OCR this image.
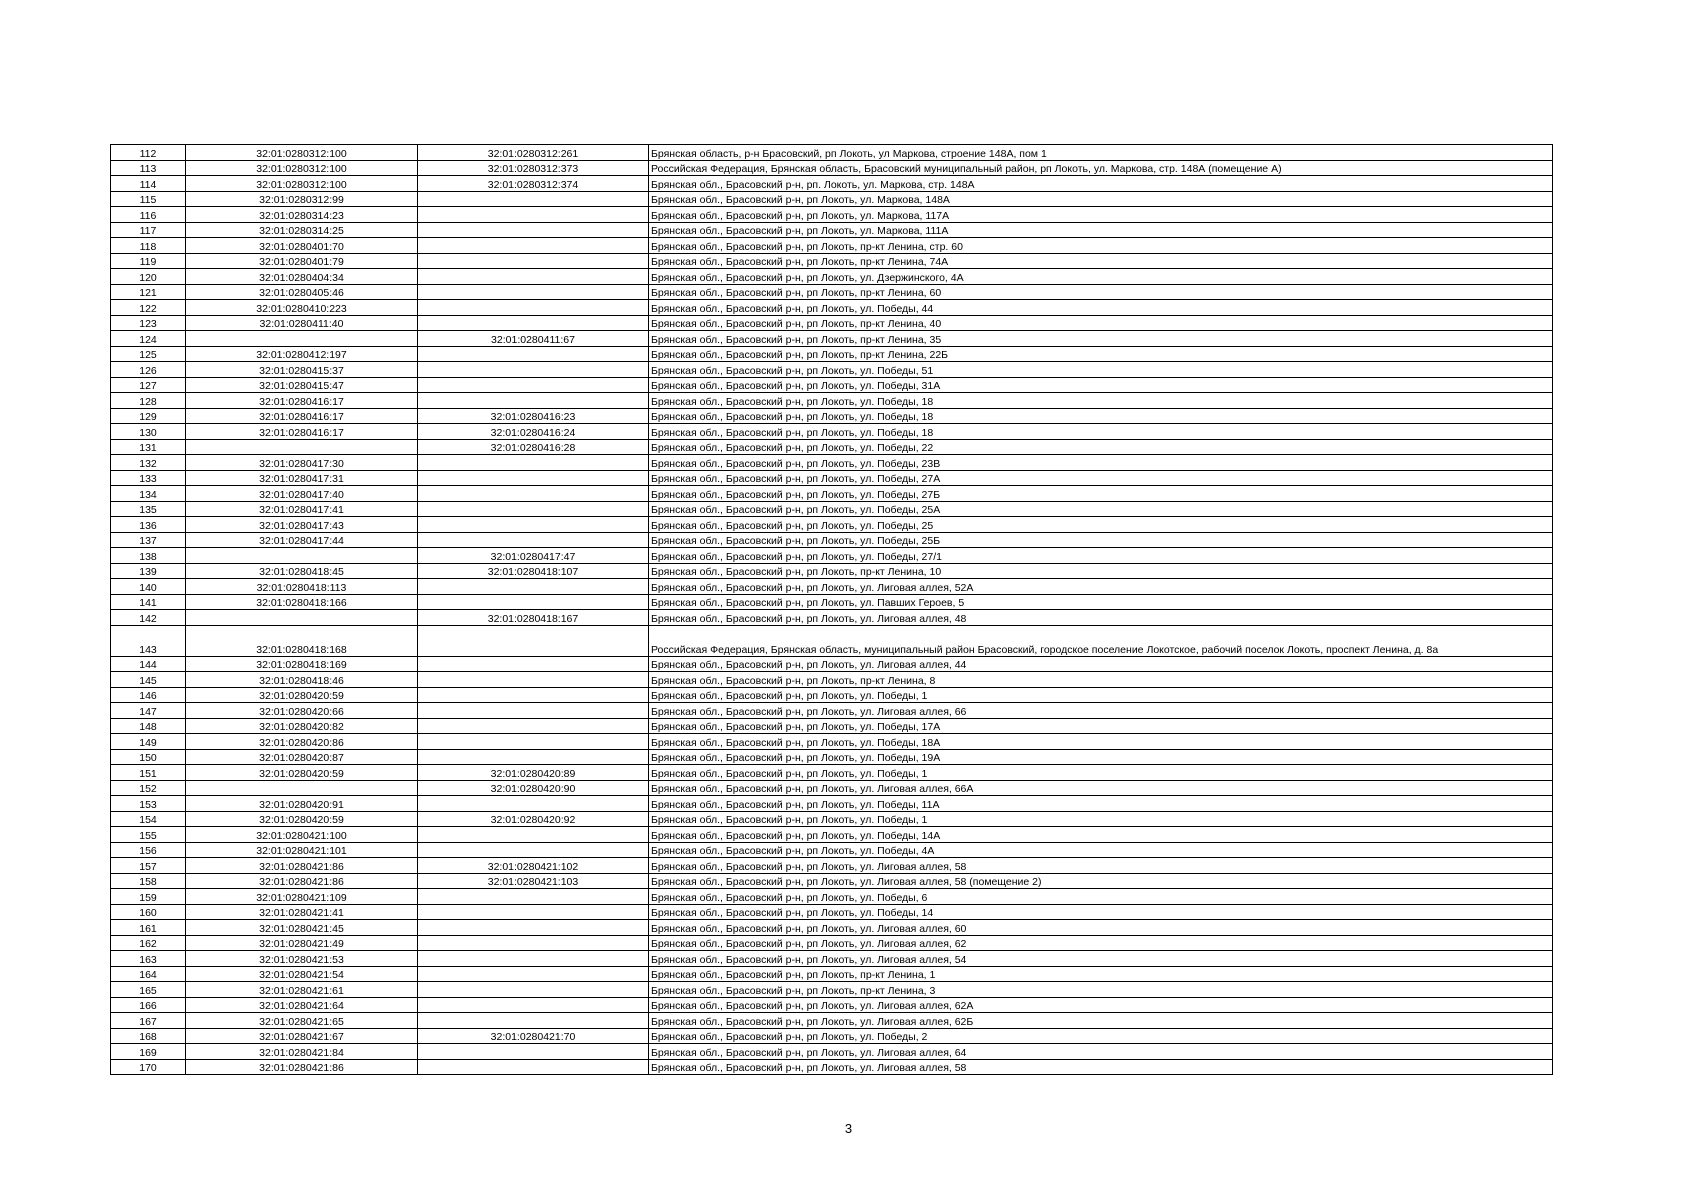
112	32:01:0280312:100	32:01:0280312:261	Брянская область, р-н Брасовский, рп Локоть, ул Маркова, строение 148А, пом 1
113	32:01:0280312:100	32:01:0280312:373	Российская Федерация, Брянская область, Брасовский муниципальный район, рп Локоть, ул. Маркова, стр. 148А (помещение А)
114	32:01:0280312:100	32:01:0280312:374	Брянская обл., Брасовский р-н, рп. Локоть, ул. Маркова, стр. 148А
115	32:01:0280312:99		Брянская обл., Брасовский р-н, рп Локоть, ул. Маркова, 148А
116	32:01:0280314:23		Брянская обл., Брасовский р-н, рп Локоть, ул. Маркова, 117А
117	32:01:0280314:25		Брянская обл., Брасовский р-н, рп Локоть, ул. Маркова, 111А
118	32:01:0280401:70		Брянская обл., Брасовский р-н, рп Локоть, пр-кт Ленина, стр. 60
119	32:01:0280401:79		Брянская обл., Брасовский р-н, рп Локоть, пр-кт Ленина, 74А
120	32:01:0280404:34		Брянская обл., Брасовский р-н, рп Локоть, ул. Дзержинского, 4А
121	32:01:0280405:46		Брянская обл., Брасовский р-н, рп Локоть, пр-кт Ленина, 60
122	32:01:0280410:223		Брянская обл., Брасовский р-н, рп Локоть, ул. Победы, 44
123	32:01:0280411:40		Брянская обл., Брасовский р-н, рп Локоть, пр-кт Ленина, 40
124		32:01:0280411:67	Брянская обл., Брасовский р-н, рп Локоть, пр-кт Ленина, 35
125	32:01:0280412:197		Брянская обл., Брасовский р-н, рп Локоть, пр-кт Ленина, 22Б
126	32:01:0280415:37		Брянская обл., Брасовский р-н, рп Локоть, ул. Победы, 51
127	32:01:0280415:47		Брянская обл., Брасовский р-н, рп Локоть, ул. Победы, 31А
128	32:01:0280416:17		Брянская обл., Брасовский р-н, рп Локоть, ул. Победы, 18
129	32:01:0280416:17	32:01:0280416:23	Брянская обл., Брасовский р-н, рп Локоть, ул. Победы, 18
130	32:01:0280416:17	32:01:0280416:24	Брянская обл., Брасовский р-н, рп Локоть, ул. Победы, 18
131		32:01:0280416:28	Брянская обл., Брасовский р-н, рп Локоть, ул. Победы, 22
132	32:01:0280417:30		Брянская обл., Брасовский р-н, рп Локоть, ул. Победы, 23В
133	32:01:0280417:31		Брянская обл., Брасовский р-н, рп Локоть, ул. Победы, 27А
134	32:01:0280417:40		Брянская обл., Брасовский р-н, рп Локоть, ул. Победы, 27Б
135	32:01:0280417:41		Брянская обл., Брасовский р-н, рп Локоть, ул. Победы, 25А
136	32:01:0280417:43		Брянская обл., Брасовский р-н, рп Локоть, ул. Победы, 25
137	32:01:0280417:44		Брянская обл., Брасовский р-н, рп Локоть, ул. Победы, 25Б
138		32:01:0280417:47	Брянская обл., Брасовский р-н, рп Локоть, ул. Победы, 27/1
139	32:01:0280418:45	32:01:0280418:107	Брянская обл., Брасовский р-н, рп Локоть, пр-кт Ленина, 10
140	32:01:0280418:113		Брянская обл., Брасовский р-н, рп Локоть, ул. Лиговая аллея, 52А
141	32:01:0280418:166		Брянская обл., Брасовский р-н, рп Локоть, ул. Павших Героев, 5
142		32:01:0280418:167	Брянская обл., Брасовский р-н, рп Локоть, ул. Лиговая аллея, 48
143	32:01:0280418:168		Российская Федерация, Брянская область, муниципальный район Брасовский, городское поселение Локотское, рабочий поселок Локоть, проспект Ленина, д. 8а
144	32:01:0280418:169		Брянская обл., Брасовский р-н, рп Локоть, ул. Лиговая аллея, 44
145	32:01:0280418:46		Брянская обл., Брасовский р-н, рп Локоть, пр-кт Ленина, 8
146	32:01:0280420:59		Брянская обл., Брасовский р-н, рп Локоть, ул. Победы, 1
147	32:01:0280420:66		Брянская обл., Брасовский р-н, рп Локоть, ул. Лиговая аллея, 66
148	32:01:0280420:82		Брянская обл., Брасовский р-н, рп Локоть, ул. Победы, 17А
149	32:01:0280420:86		Брянская обл., Брасовский р-н, рп Локоть, ул. Победы, 18А
150	32:01:0280420:87		Брянская обл., Брасовский р-н, рп Локоть, ул. Победы, 19А
151	32:01:0280420:59	32:01:0280420:89	Брянская обл., Брасовский р-н, рп Локоть, ул. Победы, 1
152		32:01:0280420:90	Брянская обл., Брасовский р-н, рп Локоть, ул. Лиговая аллея, 66А
153	32:01:0280420:91		Брянская обл., Брасовский р-н, рп Локоть, ул. Победы, 11А
154	32:01:0280420:59	32:01:0280420:92	Брянская обл., Брасовский р-н, рп Локоть, ул. Победы, 1
155	32:01:0280421:100		Брянская обл., Брасовский р-н, рп Локоть, ул. Победы, 14А
156	32:01:0280421:101		Брянская обл., Брасовский р-н, рп Локоть, ул. Победы, 4А
157	32:01:0280421:86	32:01:0280421:102	Брянская обл., Брасовский р-н, рп Локоть, ул. Лиговая аллея, 58
158	32:01:0280421:86	32:01:0280421:103	Брянская обл., Брасовский р-н, рп Локоть, ул. Лиговая аллея, 58 (помещение 2)
159	32:01:0280421:109		Брянская обл., Брасовский р-н, рп Локоть, ул. Победы, 6
160	32:01:0280421:41		Брянская обл., Брасовский р-н, рп Локоть, ул. Победы, 14
161	32:01:0280421:45		Брянская обл., Брасовский р-н, рп Локоть, ул. Лиговая аллея, 60
162	32:01:0280421:49		Брянская обл., Брасовский р-н, рп Локоть, ул. Лиговая аллея, 62
163	32:01:0280421:53		Брянская обл., Брасовский р-н, рп Локоть, ул. Лиговая аллея, 54
164	32:01:0280421:54		Брянская обл., Брасовский р-н, рп Локоть, пр-кт Ленина, 1
165	32:01:0280421:61		Брянская обл., Брасовский р-н, рп Локоть, пр-кт Ленина, 3
166	32:01:0280421:64		Брянская обл., Брасовский р-н, рп Локоть, ул. Лиговая аллея, 62А
167	32:01:0280421:65		Брянская обл., Брасовский р-н, рп Локоть, ул. Лиговая аллея, 62Б
168	32:01:0280421:67	32:01:0280421:70	Брянская обл., Брасовский р-н, рп Локоть, ул. Победы, 2
169	32:01:0280421:84		Брянская обл., Брасовский р-н, рп Локоть, ул. Лиговая аллея, 64
170	32:01:0280421:86		Брянская обл., Брасовский р-н, рп Локоть, ул. Лиговая аллея, 58
3
